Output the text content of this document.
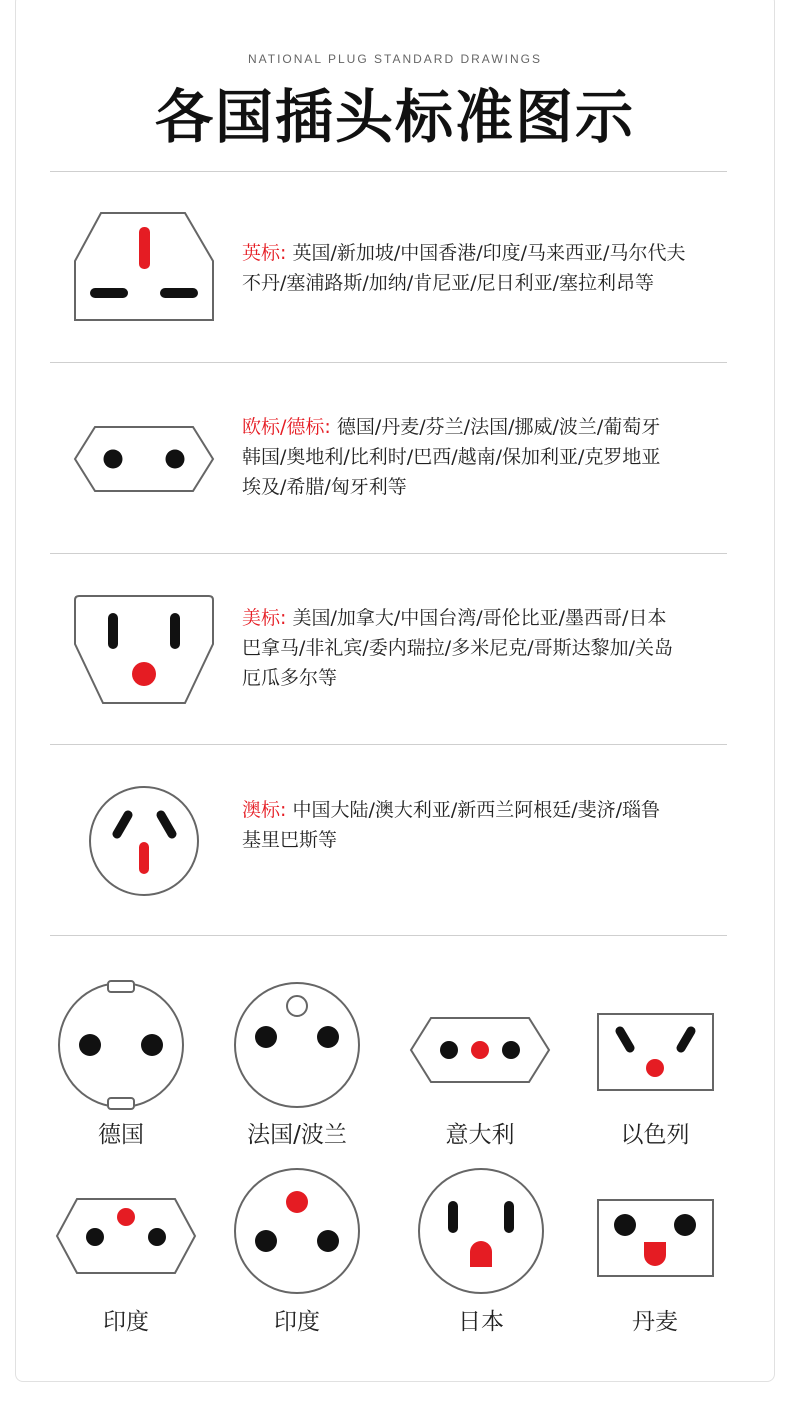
NATIONAL PLUG STANDARD DRAWINGS
各国插头标准图示
英标: 英国/新加坡/中国香港/印度/马来西亚/马尔代夫
不丹/塞浦路斯/加纳/肯尼亚/尼日利亚/塞拉利昂等
欧标/德标: 德国/丹麦/芬兰/法国/挪威/波兰/葡萄牙
韩国/奥地利/比利时/巴西/越南/保加利亚/克罗地亚
埃及/希腊/匈牙利等
美标: 美国/加拿大/中国台湾/哥伦比亚/墨西哥/日本
巴拿马/非礼宾/委内瑞拉/多米尼克/哥斯达黎加/关岛
厄瓜多尔等
澳标: 中国大陆/澳大利亚/新西兰阿根廷/斐济/瑙鲁
基里巴斯等
德国	法国/波兰	意大利	以色列
印度	印度	日本	丹麦
